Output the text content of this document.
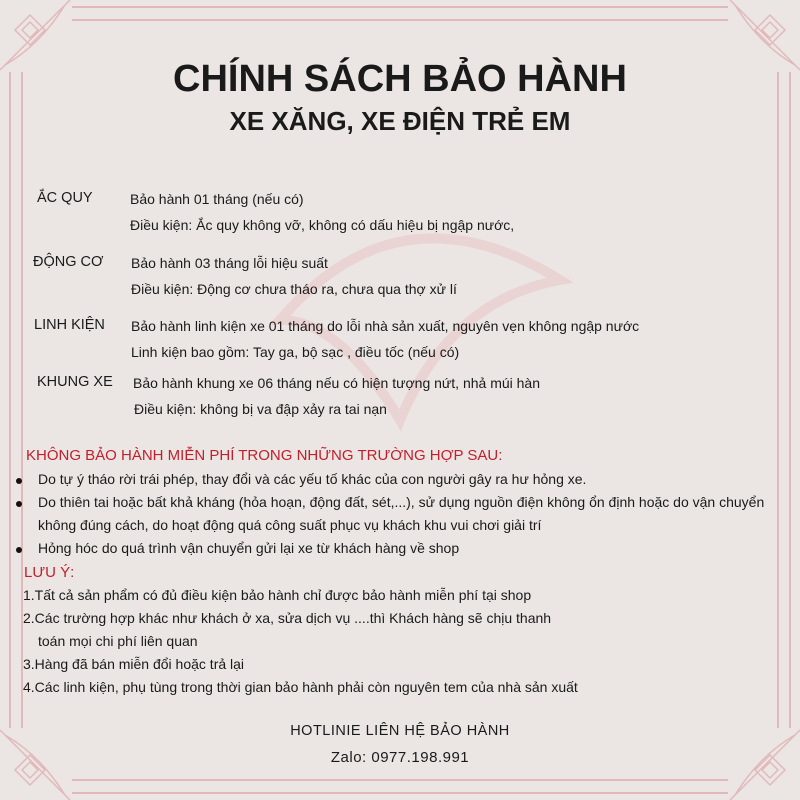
CHÍNH SÁCH BẢO HÀNH
XE XĂNG, XE ĐIỆN TRẺ EM
ẮC QUY	Bảo hành 01 tháng (nếu có)
Điều kiện: Ắc quy không vỡ, không có dấu hiệu bị ngập nước,
ĐỘNG CƠ Bảo hành 03 tháng lỗi hiệu suất
Điều kiện: Động cơ chưa tháo ra, chưa qua thợ xử lí
LINH KIỆN Bảo hành linh kiện xe 01 tháng do lỗi nhà sản xuất, nguyên vẹn không ngập nước
Linh kiện bao gồm: Tay ga, bộ sạc , điều tốc (nếu có)
KHUNG XE Bảo hành khung xe 06 tháng nếu có hiện tượng nứt, nhả múi hàn
Điều kiện: không bị va đập xảy ra tai nạn
KHÔNG BẢO HÀNH MIỄN PHÍ TRONG NHỮNG TRƯỜNG HỢP SAU:
Do tự ý tháo rời trái phép, thay đổi và các yếu tố khác của con người gây ra hư hỏng xe.
Do thiên tai hoặc bất khả kháng (hỏa hoạn, động đất, sét,...), sử dụng nguồn điện không ổn định hoặc do vận chuyển
không đúng cách, do hoạt động quá công suất phục vụ khách khu vui chơi giải trí
Hỏng hóc do quá trình vận chuyển gửi lại xe từ khách hàng về shop
LƯU Ý:
1.Tất cả sản phẩm có đủ điều kiện bảo hành chỉ được bảo hành miễn phí tại shop
2.Các trường hợp khác như khách ở xa, sửa dịch vụ ....thì Khách hàng sẽ chịu thanh
toán mọi chi phí liên quan
3.Hàng đã bán miễn đổi hoặc trả lại
4.Các linh kiện, phụ tùng trong thời gian bảo hành phải còn nguyên tem của nhà sản xuất
HOTLINIE LIÊN HỆ BẢO HÀNH
Zalo: 0977.198.991
